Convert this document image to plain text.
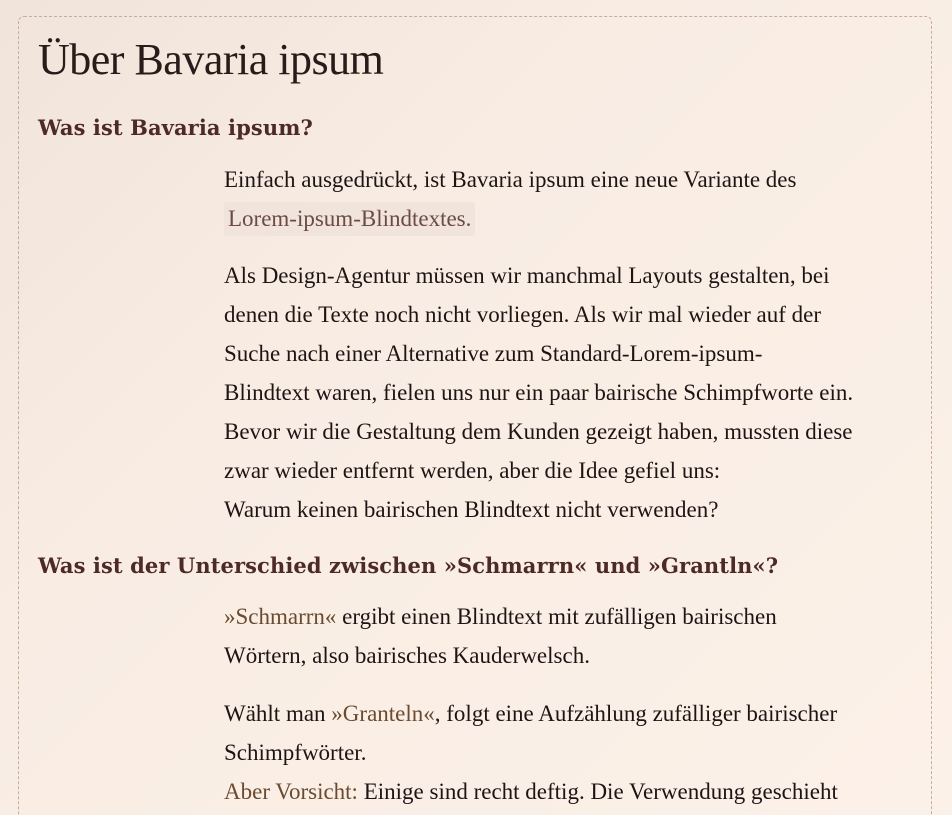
Über Bavaria ipsum
Was ist Bavaria ipsum?

Einfach ausgedrückt, ist Bavaria ipsum eine neue Variante des
Lorem-ipsum-Blindtextes.

Als Design-Agentur müssen wir manchmal Layouts gestalten, bei
denen die Texte noch nicht vorliegen. Als wir mal wieder auf der
Suche nach einer Alternative zum Standard-Lorem-ipsum-
Blindtext waren, fielen uns nur ein paar bairische Schimpfworte ein.
Bevor wir die Gestaltung dem Kunden gezeigt haben, mussten diese
zwar wieder entfernt werden, aber die Idee gefiel uns:
Warum keinen bairischen Blindtext nicht verwenden?

Was ist der Unterschied zwischen »Schmarrn« und »Grantln«?

»Schmarrn« ergibt einen Blindtext mit zufälligen bairischen
Wörtern, also bairisches Kauderwelsch.

Wählt man »Granteln«, folgt eine Aufzählung zufälliger bairischer
Schimpfwörter.
Aber Vorsicht: Einige sind recht deftig. Die Verwendung geschieht
